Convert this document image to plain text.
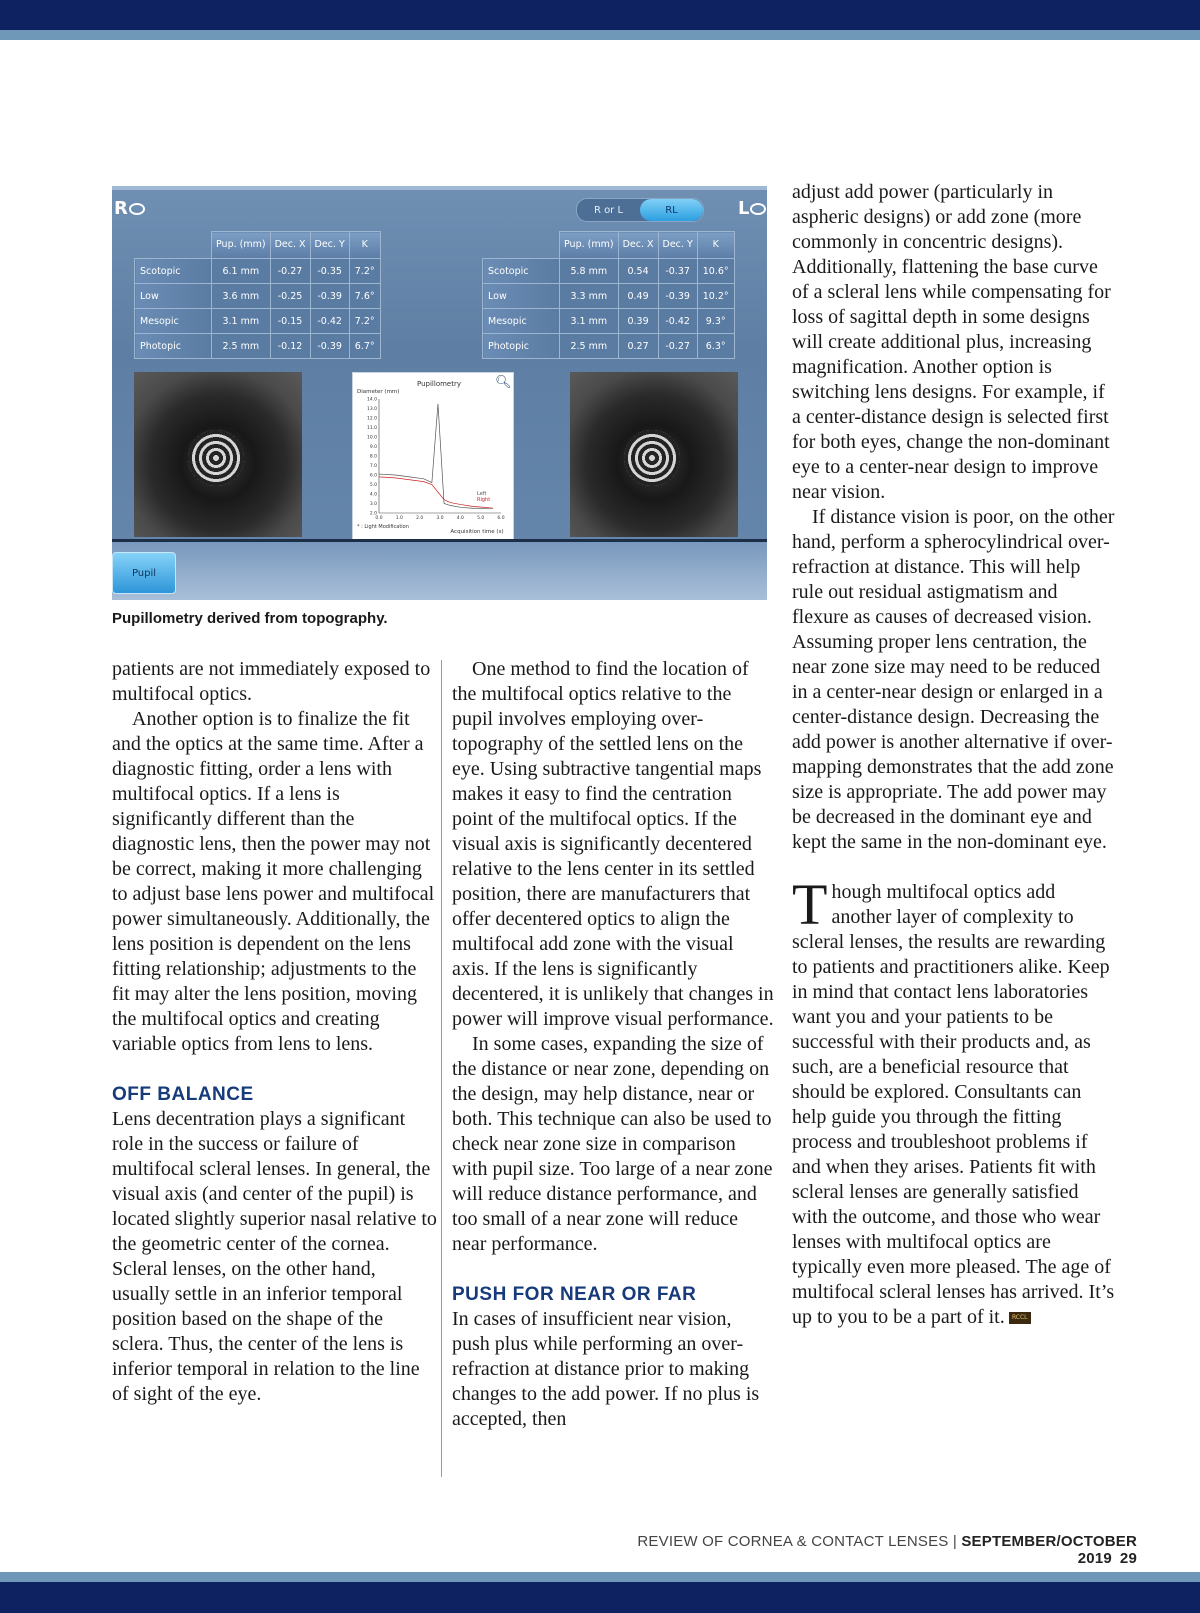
R	L
R or L	RL
	Pup. (mm)	Dec. X	Dec. Y	K
Scotopic	6.1 mm	-0.27	-0.35	7.2°
Low	3.6 mm	-0.25	-0.39	7.6°
Mesopic	3.1 mm	-0.15	-0.42	7.2°
Photopic	2.5 mm	-0.12	-0.39	6.7°
	Pup. (mm)	Dec. X	Dec. Y	K
Scotopic	5.8 mm	0.54	-0.37	10.6°
Low	3.3 mm	0.49	-0.39	10.2°
Mesopic	3.1 mm	0.39	-0.42	9.3°
Photopic	2.5 mm	0.27	-0.27	6.3°
Pupillometry
Diameter (mm)
Acquisition time (s)
* : Light Modification
2.0
3.0
4.0
5.0
6.0
7.0
8.0
9.0
10.0
11.0
12.0
13.0
14.0
0.0	1.0	2.0	3.0	4.0	5.0	6.0
Left
Right
🔍︎
Pupil
Pupillometry derived from topography.

patients are not immediately exposed to multifocal optics.

Another option is to finalize the fit and the optics at the same time. After a diagnostic fitting, order a lens with multifocal optics. If a lens is significantly different than the diagnostic lens, then the power may not be correct, making it more challenging to adjust base lens power and multifocal power simultaneously. Additionally, the lens position is dependent on the lens fitting relationship; adjustments to the fit may alter the lens position, moving the multifocal optics and creating variable optics from lens to lens.

OFF BALANCE

Lens decentration plays a significant role in the success or failure of multifocal scleral lenses. In general, the visual axis (and center of the pupil) is located slightly superior nasal relative to the geometric center of the cornea. Scleral lenses, on the other hand, usually settle in an inferior temporal position based on the shape of the sclera. Thus, the center of the lens is inferior temporal in relation to the line of sight of the eye.

One method to find the location of the multifocal optics relative to the pupil involves employing over-topography of the settled lens on the eye. Using subtractive tangential maps makes it easy to find the centration point of the multifocal optics. If the visual axis is significantly decentered relative to the lens center in its settled position, there are manufacturers that offer decentered optics to align the multifocal add zone with the visual axis. If the lens is significantly decentered, it is unlikely that changes in power will improve visual performance.

In some cases, expanding the size of the distance or near zone, depending on the design, may help distance, near or both. This technique can also be used to check near zone size in comparison with pupil size. Too large of a near zone will reduce distance performance, and too small of a near zone will reduce near performance.

PUSH FOR NEAR OR FAR

In cases of insufficient near vision, push plus while performing an over-refraction at distance prior to making changes to the add power. If no plus is accepted, then

adjust add power (particularly in aspheric designs) or add zone (more commonly in concentric designs). Additionally, flattening the base curve of a scleral lens while compensating for loss of sagittal depth in some designs will create additional plus, increasing magnification. Another option is switching lens designs. For example, if a center-distance design is selected first for both eyes, change the non-dominant eye to a center-near design to improve near vision.

If distance vision is poor, on the other hand, perform a spherocylindrical over-refraction at distance. This will help rule out residual astigmatism and flexure as causes of decreased vision. Assuming proper lens centration, the near zone size may need to be reduced in a center-near design or enlarged in a center-distance design. Decreasing the add power is another alternative if over-mapping demonstrates that the add zone size is appropriate. The add power may be decreased in the dominant eye and kept the same in the non-dominant eye.

Though multifocal optics add another layer of complexity to scleral lenses, the results are rewarding to patients and practitioners alike. Keep in mind that contact lens laboratories want you and your patients to be successful with their products and, as such, are a beneficial resource that should be explored. Consultants can help guide you through the fitting process and troubleshoot problems if and when they arises. Patients fit with scleral lenses are generally satisfied with the outcome, and those who wear lenses with multifocal optics are typically even more pleased. The age of multifocal scleral lenses has arrived. It’s up to you to be a part of it. RCCL

REVIEW OF CORNEA & CONTACT LENSES | SEPTEMBER/OCTOBER 2019 29
